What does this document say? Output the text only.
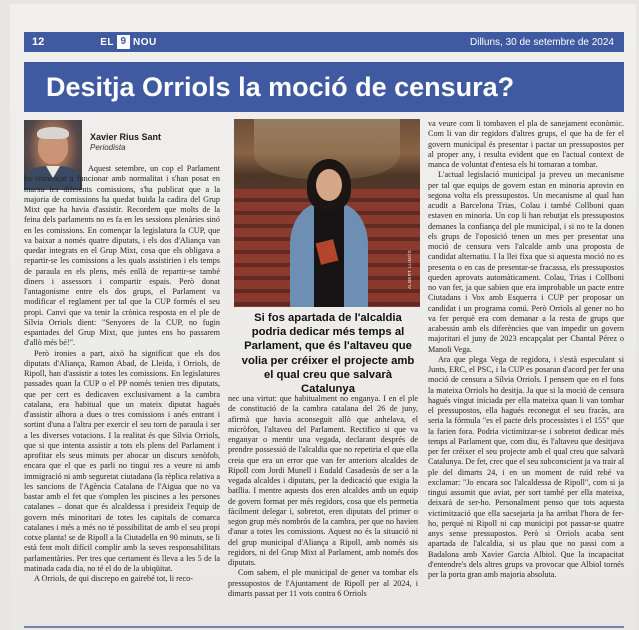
12	EL 9 NOU	Dilluns, 30 de setembre de 2024
Desitja Orriols la moció de censura?
Xavier Rius Sant
Periodista

Aquest setembre, un cop el Parlament ha començat a funcionar amb normalitat i s'han posat en marxa les diferents comissions, s'ha publicat que a la majoria de comissions ha quedat buida la cadira del Grup Mixt que ha havia d'assistir. Recordem que molts de la feina dels parlaments no es fa en les sessions plenàries sinó en les comissions. En començar la legislatura la CUP, que va baixar a només quatre diputats, i els dos d'Aliança van quedar integrats en el Grup Mixt, cosa que els obligava a repartir-se les comissions a les quals assistirien i els temps de paraula en els plens, més enllà de repartir-se també diners i assessors i compartir espais. Però donat l'antagonisme entre els dos grups, el Parlament va modificar el reglament per tal que la CUP formés el seu propi. Canvi que va tenir la crònica resposta en el ple de Sílvia Orriols dient: "Senyores de la CUP, no fugin espantades del Grup Mixt, que juntes ens ho passarem d'allò més bé!".

Però ironies a part, això ha significat que els dos diputats d'Aliança, Ramon Abad, de Lleida, i Orriols, de Ripoll, han d'assistir a totes les comissions. En legislatures passades quan la CUP o el PP només tenien tres diputats, que per cert es dedicaven exclusivament a la cambra catalana, era habitual que un mateix diputat haguès d'assistir alhora a dues o tres comissions i anés entrant i sortint d'una a l'altra per exercir el seu torn de paraula i ser a les diverses votacions. I la realitat és que Sílvia Orriols, que si que intenta assistir a tots els plens del Parlament i aprofitar els seus minuts per abocar un discurs xenòfob, encara que el que es parli no tingui res a veure ni amb immigració ni amb seguretat ciutadana (la rèplica relativa a les sancions de l'Agència Catalana de l'Aigua que no va bastar amb el fet que s'omplen les piscines a les persones catalanes – donat que és alcaldessa i presideix l'equip de govern més minoritari de totes les capitals de comarca catalanes i més a més no té possibilitat de amb el seu propi cotxe planta! se de Ripoll a la Ciutadella en 90 minuts, se li està fent molt difícil complir amb la seves responsabilitats parlamentàries. Per tres que certament és lleva a les 5 de la matinada cada dia, no té el do de la ubiqüitat.

A Orriols, de qui discrepo en gairebé tot, li reco-

ALBERT LLIMÓS
Si fos apartada de l'alcaldia podria dedicar més temps al Parlament, que és l'altaveu que volia per créixer el projecte amb el qual creu que salvarà Catalunya

nec una virtut: que habitualment no enganya. I en el ple de constitució de la cambra catalana del 26 de juny, afirmà que havia aconseguit allò que anhelava, el micròfon, l'altaveu del Parlament. Rectifico si que va enganyar o mentir una vegada, declarant després de prendre possessió de l'alcaldia que no repetiria el que ella creia que era un error que van fer anteriors alcaldes de Ripoll com Jordi Munell i Eudald Casadesús de ser a la vegada alcaldes i diputats, per la dedicació que exigia la batllia. I mentre aquests dos eren alcaldes amb un equip de govern format per més regidors, cosa que els permetia fàcilment delegar i, sobretot, eren diputats del primer o segon grup més nombrós de la cambra, per que no havien d'anar a totes les comissions. Aquest no és la situació ni del grup municipal d'Aliança a Ripoll, amb només sis regidors, ni del Grup Mixt al Parlament, amb només dos diputats.

Com sabem, el ple municipal de gener va tombar els pressupostos de l'Ajuntament de Ripoll per al 2024, i dimarts passat per 11 vots contra 6 Orriols

va veure com li tombaven el pla de sanejament econòmic. Com li van dir regidors d'altres grups, el que ha de fer el govern municipal és presentar i pactar un pressupostos per al proper any, i resulta evident que en l'actual context de manca de voluntat d'entesa els hi tornaran a tombar.

L'actual legislació municipal ja preveu un mecanisme per tal que equips de govern estan en minoria aprovin en segona volta els pressupostos. Un mecanisme al qual han acudit a Barcelona Trias, Colau i també Collboni quan estaven en minoria. Un cop li han rebutjat els pressupostos demanes la confiança del ple municipal, i si no te la donen els grups de l'oposició tenen un mes per presentar una moció de censura vers l'alcalde amb una proposta de candidat alternatiu. I la llei fixa que si aquesta moció no es presenta o en cas de presentar-se fracassa, els pressupostos queden aprovats automàticament. Colau, Trias i Collboni no van fer, ja que sabien que era improbable un pacte entre Ciutadans i Vox amb Esquerra i CUP per proposar un candidat i un programa comú. Però Orriols al gener no ho va fer perquè era com demanar a la resta de grups que acabessin amb els diferències que van impedir un govern majoritari el juny de 2023 encapçalat per Chantal Pérez o Manoli Vega.

Ara que plega Vega de regidora, i s'està especulant si Junts, ERC, el PSC, i la CUP es posaran d'acord per fer una moció de censura a Sílvia Orriols. I pensem que en el fons la mateixa Orriols ho desitja. Ja que si la moció de censura hagués vingut iniciada per ella mateixa quan li van tombar el pressupostos, ella hagués reconegut el seu fracàs, ara seria la fórmula "es el pacte dels processistes i el 155" que la farien fora. Podria victimitzar-se i sobretot dedicar més temps al Parlament que, com diu, és l'altaveu que desitjava per fer créixer el seu projecte amb el qual creu que salvarà Catalunya. De fet, crec que el seu subconscient ja va trair al ple del dimarts 24, i en un moment de ruïd rebé va exclamar: "Jo encara soc l'alcaldessa de Ripoll", com si ja tingui assumit que aviat, per sort també per ella mateixa, deixarà de ser-ho. Personalment penso que tots aquesta victimització que ella sacsejaria ja ha arribat l'hora de fer-ho, perquè ni Ripoll ni cap municipi pot passar-se quatre anys sense pressupostos. Però si Orriols acaba sent apartada de l'alcaldia, si us plau que no passi com a Badalona amb Xavier Garcia Albiol. Que la incapacitat d'entendre's dels altres grups va provocar que Albiol tornés per la porta gran amb majoria absoluta.
